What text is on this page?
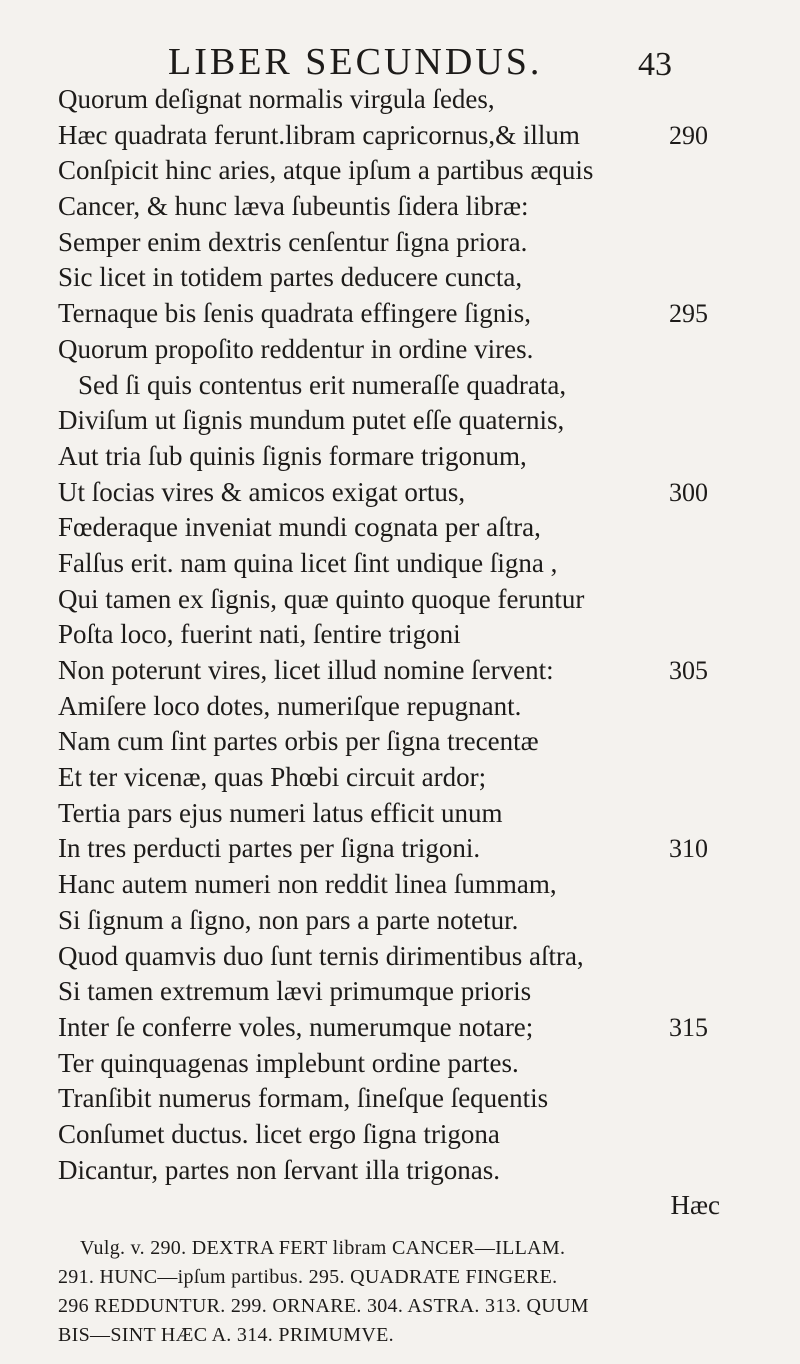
LIBER SECUNDUS.	43
Quorum deſignat normalis virgula ſedes,
Hæc quadrata ferunt.libram capricornus,& illum	290
Conſpicit hinc aries, atque ipſum a partibus æquis
Cancer, & hunc læva ſubeuntis ſidera libræ:
Semper enim dextris cenſentur ſigna priora.
Sic licet in totidem partes deducere cuncta,
Ternaque bis ſenis quadrata effingere ſignis,	295
Quorum propoſito reddentur in ordine vires.
Sed ſi quis contentus erit numeraſſe quadrata,
Diviſum ut ſignis mundum putet eſſe quaternis,
Aut tria ſub quinis ſignis formare trigonum,
Ut ſocias vires & amicos exigat ortus,	300
Fœderaque inveniat mundi cognata per aſtra,
Falſus erit. nam quina licet ſint undique ſigna ,
Qui tamen ex ſignis, quæ quinto quoque feruntur
Poſta loco, fuerint nati, ſentire trigoni
Non poterunt vires, licet illud nomine ſervent:	305
Amiſere loco dotes, numeriſque repugnant.
Nam cum ſint partes orbis per ſigna trecentæ
Et ter vicenæ, quas Phœbi circuit ardor;
Tertia pars ejus numeri latus efficit unum
In tres perducti partes per ſigna trigoni.	310
Hanc autem numeri non reddit linea ſummam,
Si ſignum a ſigno, non pars a parte notetur.
Quod quamvis duo ſunt ternis dirimentibus aſtra,
Si tamen extremum lævi primumque prioris
Inter ſe conferre voles, numerumque notare;	315
Ter quinquagenas implebunt ordine partes.
Tranſibit numerus formam, ſineſque ſequentis
Conſumet ductus. licet ergo ſigna trigona
Dicantur, partes non ſervant illa trigonas.
Hæc
Vulg. v. 290. DEXTRA FERT libram CANCER—ILLAM.
291. HUNC—ipſum partibus. 295. QUADRATE FINGERE.
296 REDDUNTUR. 299. ORNARE. 304. ASTRA. 313. QUUM
BIS—SINT HÆC A. 314. PRIMUMVE.
